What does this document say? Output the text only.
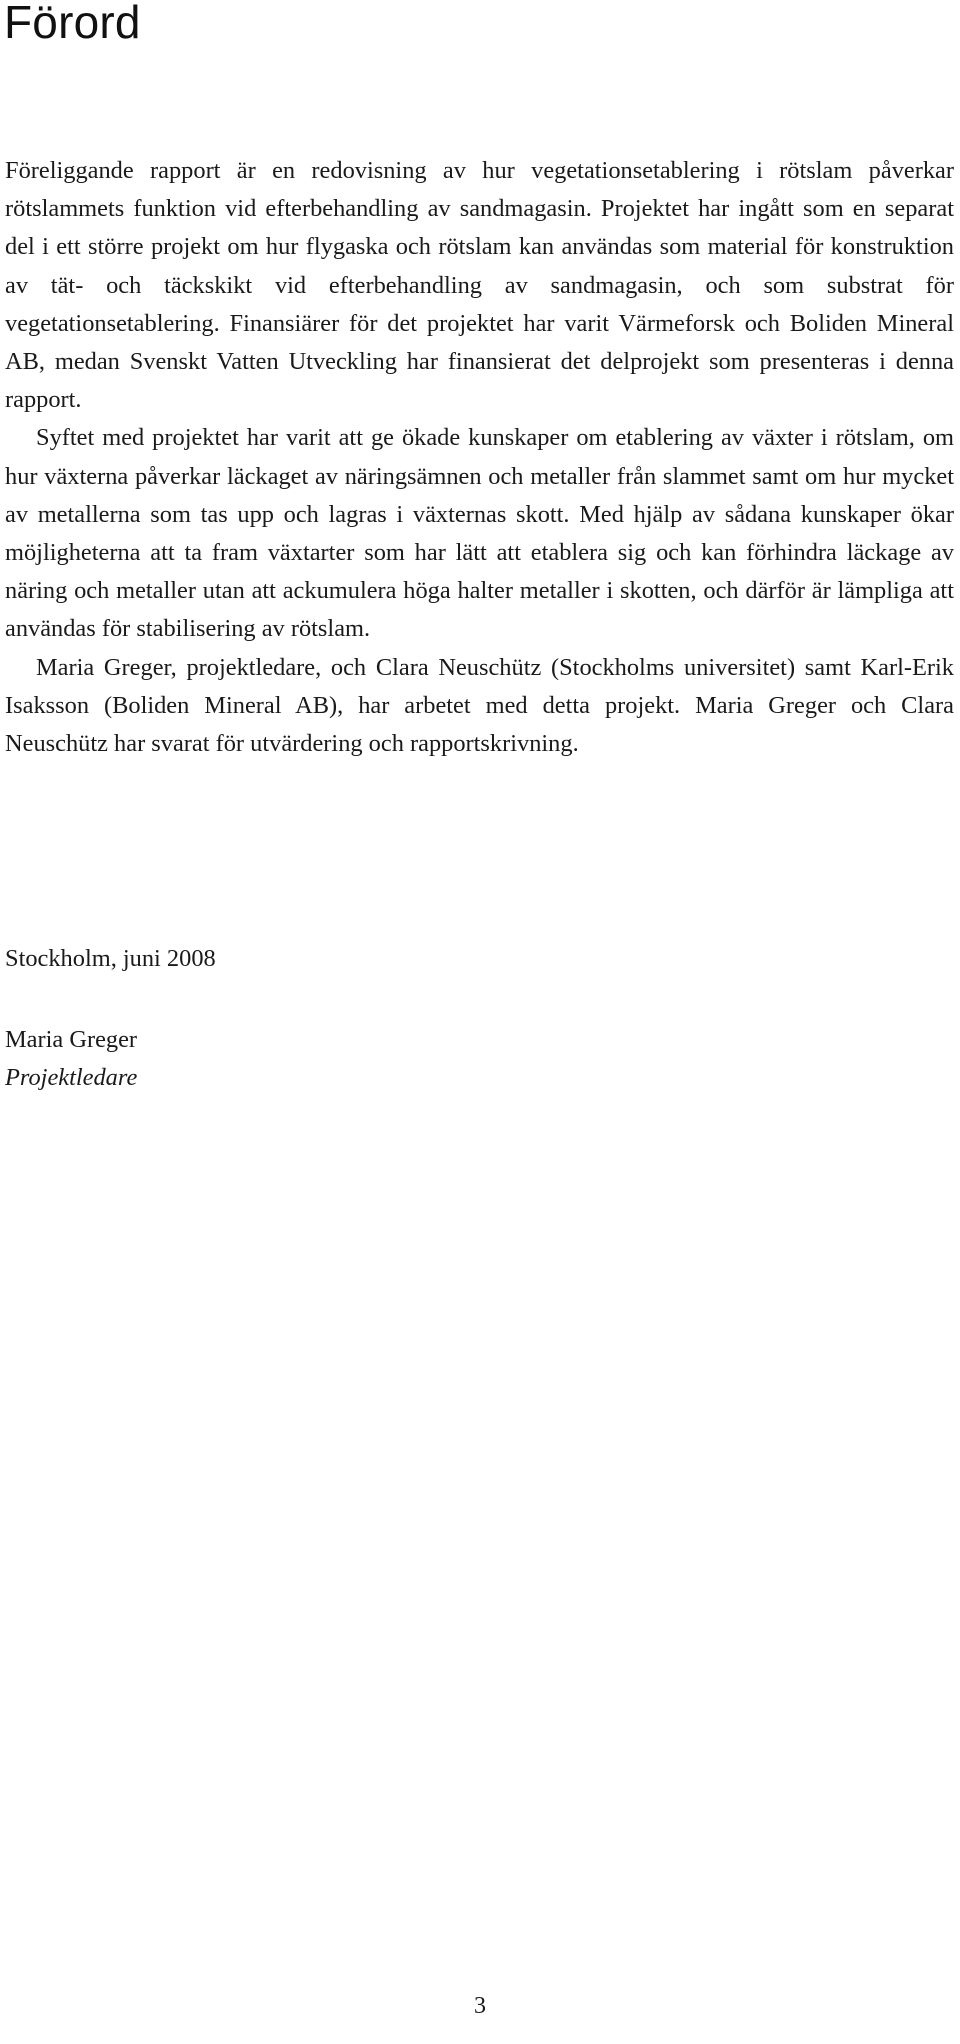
Förord

Föreliggande rapport är en redovisning av hur vegetationsetablering i rötslam påverkar rötslammets funktion vid efterbehandling av sandmagasin. Projektet har ingått som en separat del i ett större projekt om hur flygaska och rötslam kan användas som material för konstruktion av tät- och täckskikt vid efterbehandling av sandmagasin, och som substrat för vegetationsetablering. Finansiärer för det projektet har varit Värmeforsk och Boliden Mineral AB, medan Svenskt Vatten Utveckling har finansierat det delprojekt som presenteras i denna rapport.

Syftet med projektet har varit att ge ökade kunskaper om etablering av växter i rötslam, om hur växterna påverkar läckaget av näringsämnen och metaller från slammet samt om hur mycket av metallerna som tas upp och lagras i växternas skott. Med hjälp av sådana kunskaper ökar möjligheterna att ta fram växtarter som har lätt att etablera sig och kan förhindra läckage av näring och metaller utan att ackumulera höga halter metaller i skotten, och därför är lämpliga att användas för stabilisering av rötslam.

Maria Greger, projektledare, och Clara Neuschütz (Stockholms universitet) samt Karl-Erik Isaksson (Boliden Mineral AB), har arbetet med detta projekt. Maria Greger och Clara Neuschütz har svarat för utvärdering och rapportskrivning.

Stockholm, juni 2008

Maria Greger
Projektledare

3
